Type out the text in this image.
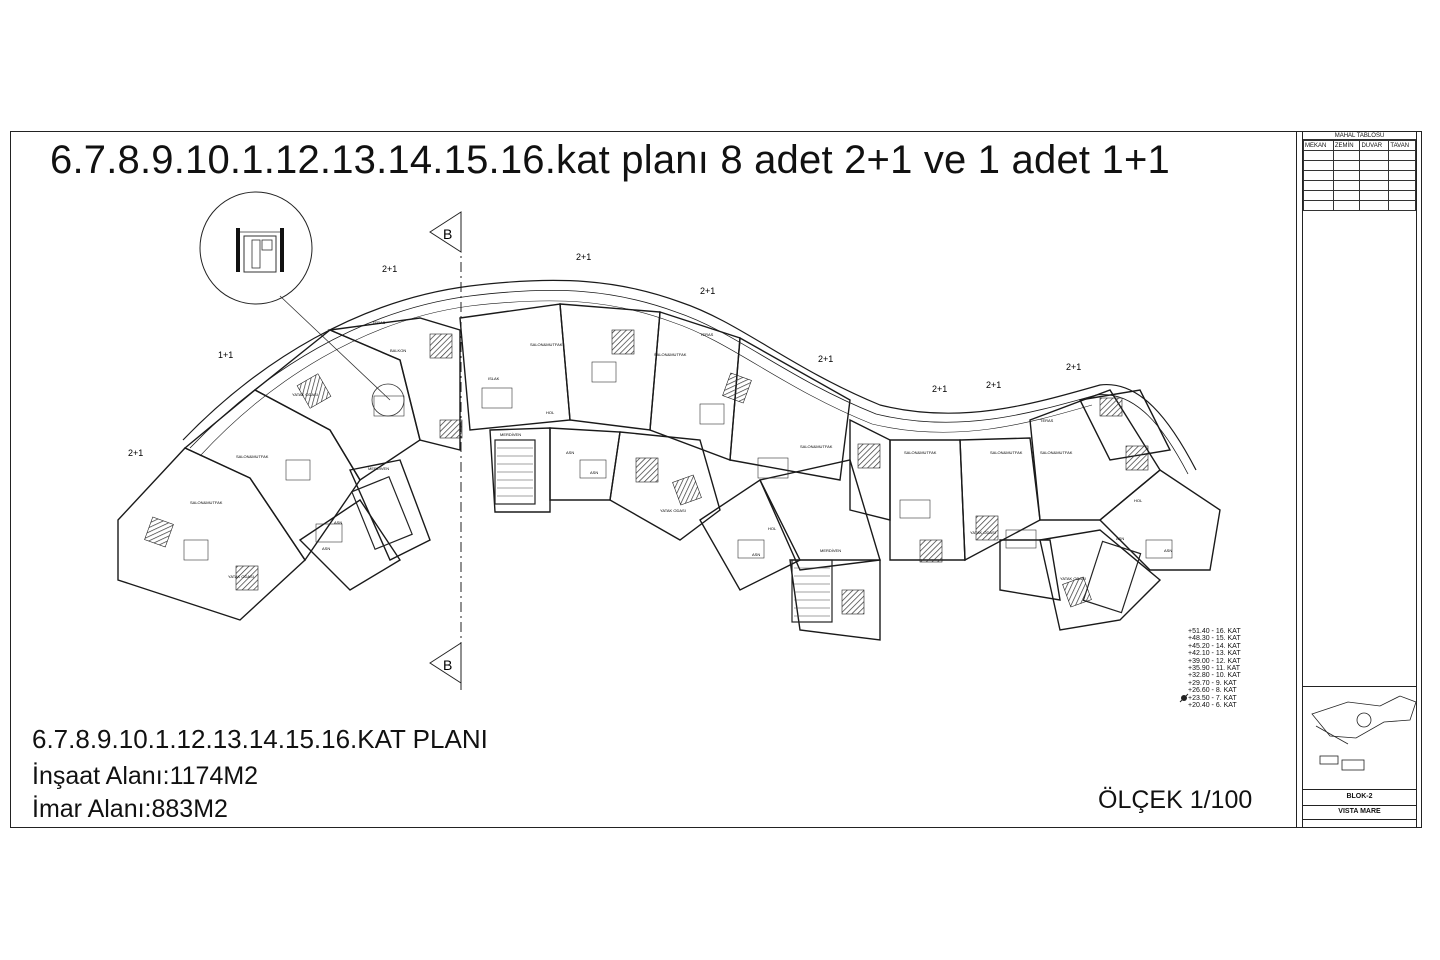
6.7.8.9.10.1.12.13.14.15.16.kat planı 8 adet 2+1 ve 1 adet 1+1
B
B
1+1
2+1
2+1
2+1
2+1
2+1
2+1	2+1
2+1
SALON&MUTFAK
SALON&MUTFAK
SALON&MUTFAK
SALON&MUTFAK
SALON&MUTFAK
SALON&MUTFAK	SALON&MUTFAK	SALON&MUTFAK
YATAK ODASI
YATAK ODASI
YATAK ODASI
YATAK ODASI
YATAK ODASI
BALKON
TERAS
TERAS
TERAS
HOL
HOL
HOL
ASN
ASN
ASN
ASN
ASN
ASN
ASN
MERDİVEN
MERDİVEN
MERDİVEN
ISLAK
+51.40 - 16. KAT
+48.30 - 15. KAT
+45.20 - 14. KAT
+42.10 - 13. KAT
+39.00 - 12. KAT
+35.90 - 11. KAT
+32.80 - 10. KAT
+29.70 - 9. KAT
+26.60 - 8. KAT
+23.50 - 7. KAT
+20.40 - 6. KAT
6.7.8.9.10.1.12.13.14.15.16.KAT PLANI
İnşaat Alanı:1174M2
İmar Alanı:883M2	ÖLÇEK 1/100
MAHAL TABLOSU
MEKAN	ZEMİN	DUVAR	TAVAN

BLOK-2
VISTA MARE
